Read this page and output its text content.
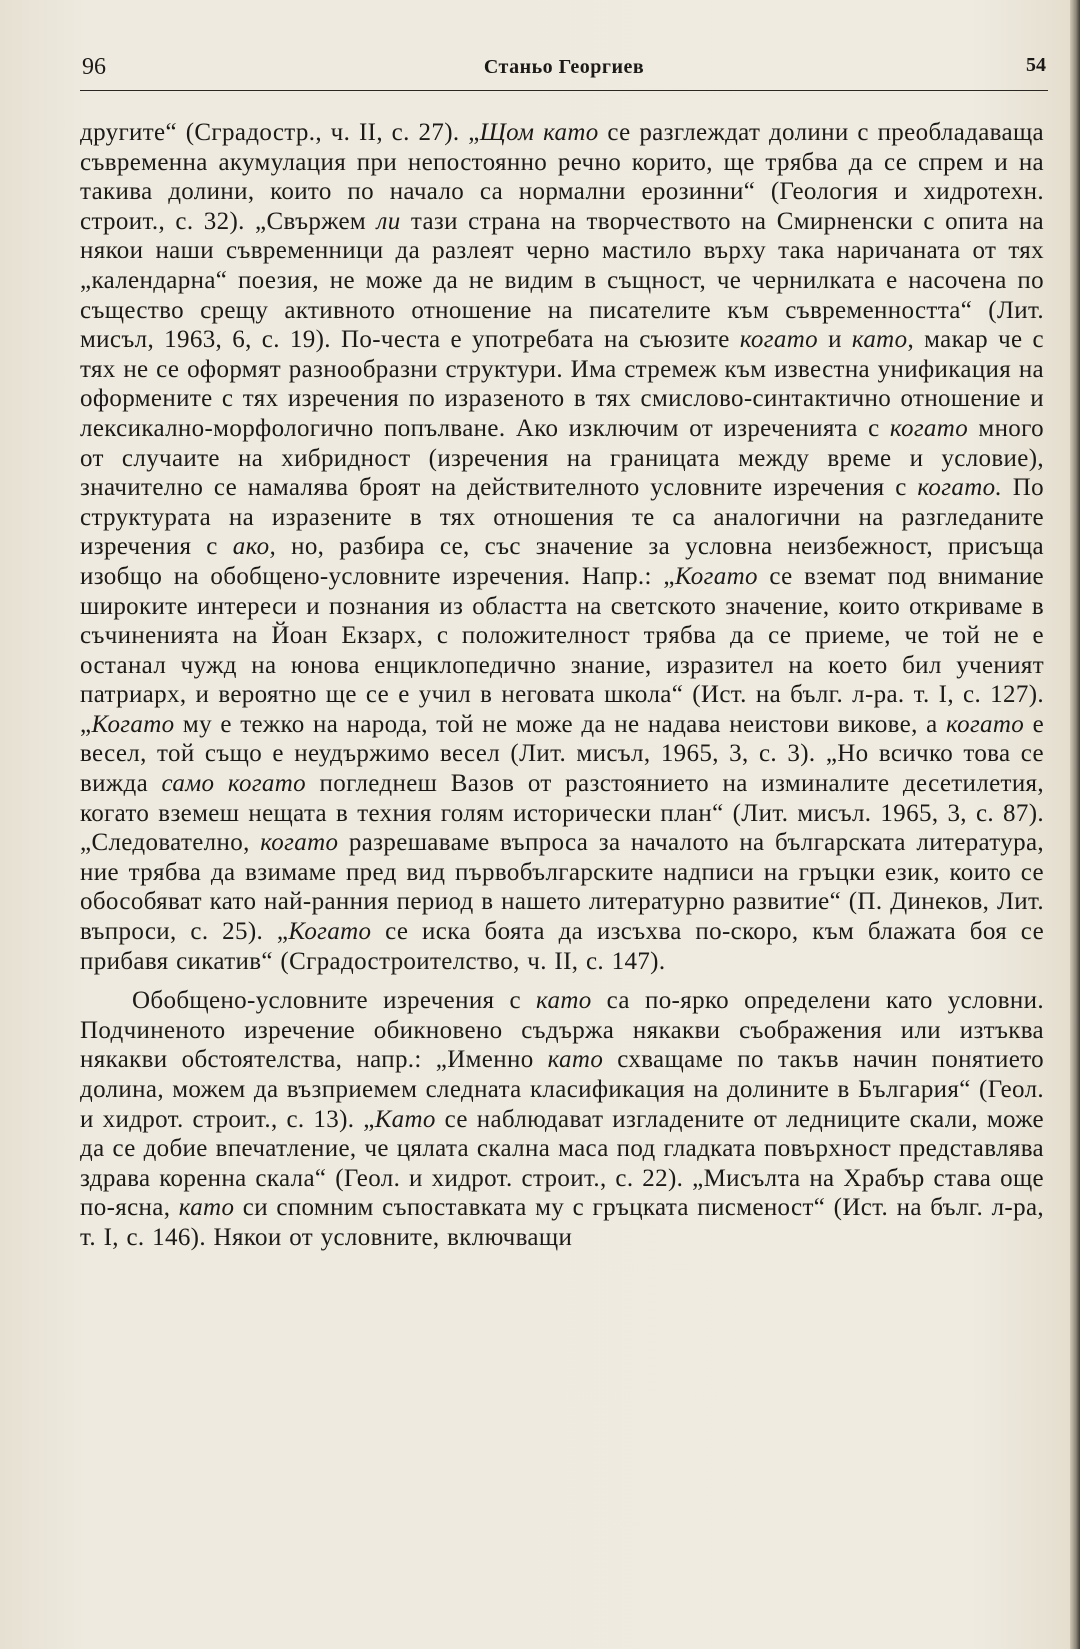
96	Станьо Георгиев	54

другите“ (Сградостр., ч. II, с. 27). „Щом като се разглеждат долини с преобладаваща съвременна акумулация при непостоянно речно корито, ще трябва да се спрем и на такива долини, които по начало са нормални ерозинни“ (Геология и хидротехн. строит., с. 32). „Свържем ли тази страна на творчеството на Смирненски с опита на някои наши съвременници да разлеят черно мастило върху така наричаната от тях „календарна“ поезия, не може да не видим в същност, че чернилката е насочена по същество срещу активното отношение на писателите към съвременността“ (Лит. мисъл, 1963, 6, с. 19). По-честа е употребата на съюзите когато и като, макар че с тях не се оформят разнообразни структури. Има стремеж към известна унификация на оформените с тях изречения по изразеното в тях смислово-синтактично отношение и лексикално-морфологично попълване. Ако изключим от изреченията с когато много от случаите на хибридност (изречения на границата между време и условие), значително се намалява броят на действителното условните изречения с когато. По структурата на изразените в тях отношения те са аналогични на разгледаните изречения с ако, но, разбира се, със значение за условна неизбежност, присъща изобщо на обобщено-условните изречения. Напр.: „Когато се вземат под внимание широките интереси и познания из областта на светското значение, които откриваме в съчиненията на Йоан Екзарх, с положителност трябва да се приеме, че той не е останал чужд на юнова енциклопедично знание, изразител на което бил ученият патриарх, и вероятно ще се е учил в неговата школа“ (Ист. на бълг. л-ра. т. I, с. 127). „Когато му е тежко на народа, той не може да не надава неистови викове, а когато е весел, той също е неудържимо весел (Лит. мисъл, 1965, 3, с. 3). „Но всичко това се вижда само когато погледнеш Вазов от разстоянието на изминалите десетилетия, когато вземеш нещата в техния голям исторически план“ (Лит. мисъл. 1965, 3, с. 87). „Следователно, когато разрешаваме въпроса за началото на българската литература, ние трябва да взимаме пред вид първобългарските надписи на гръцки език, които се обособяват като най-ранния период в нашето литературно развитие“ (П. Динеков, Лит. въпроси, с. 25). „Когато се иска боята да изсъхва по-скоро, към блажата боя се прибавя сикатив“ (Сградостроителство, ч. II, с. 147).

Обобщено-условните изречения с като са по-ярко определени като условни. Подчиненото изречение обикновено съдържа някакви съображения или изтъква някакви обстоятелства, напр.: „Именно като схващаме по такъв начин понятието долина, можем да възприемем следната класификация на долините в България“ (Геол. и хидрот. строит., с. 13). „Като се наблюдават изгладените от ледниците скали, може да се добие впечатление, че цялата скална маса под гладката повърхност представлява здрава коренна скала“ (Геол. и хидрот. строит., с. 22). „Мисълта на Храбър става още по-ясна, като си спомним съпоставката му с гръцката писменост“ (Ист. на бълг. л-ра, т. I, с. 146). Някои от условните, включващи
